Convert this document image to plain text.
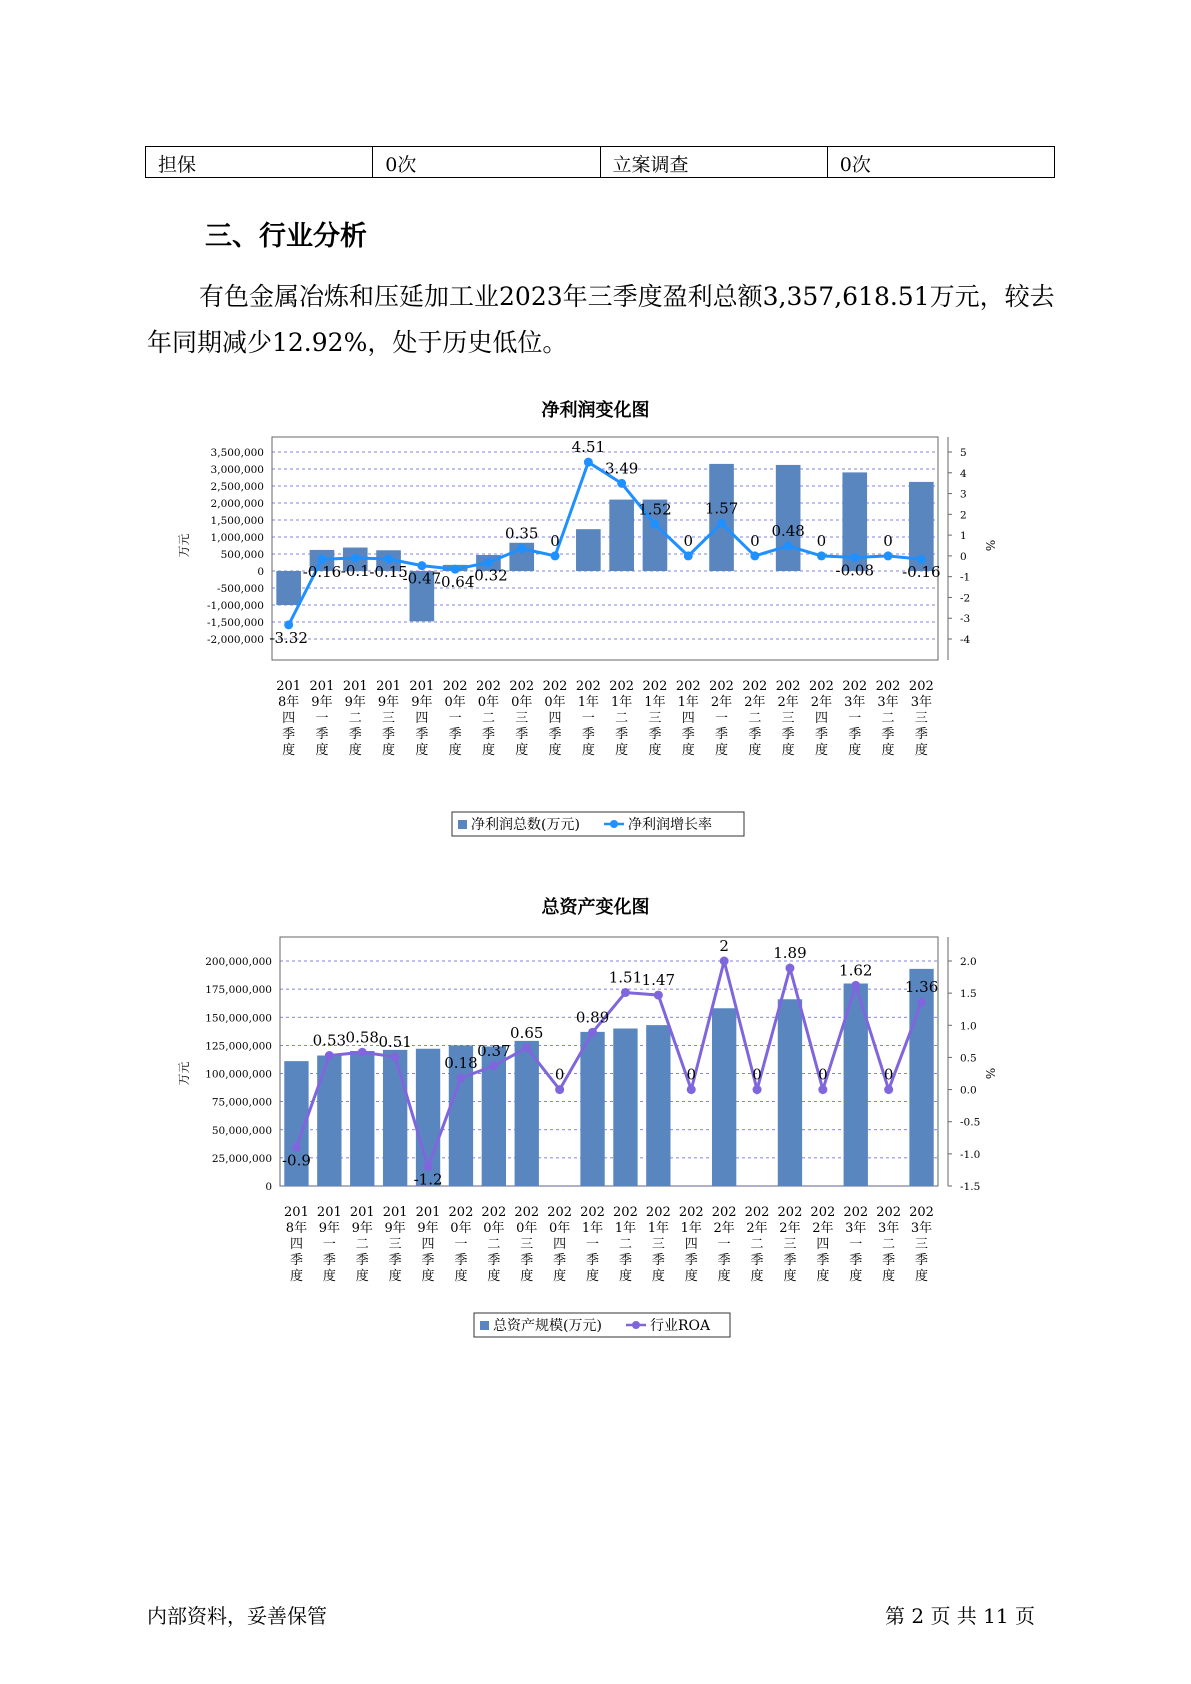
担保	0次	立案调查	0次
三、行业分析

有色金属冶炼和压延加工业2023年三季度盈利总额3,357,618.51万元，较去年同期减少12.92%，处于历史低位。

净利润变化图
3,500,000
3,000,000
2,500,000
2,000,000
1,500,000
1,000,000
500,000
0
-500,000
-1,000,000
-1,500,000
-2,000,000
5
4
3
2
1
0
-1
-2
-3
-4
万元	%
-3.32
-0.16 -0.1 -0.15
-0.47
-0.64
-0.32
0.35 0
4.51
3.49
1.52
0
1.57
0
0.48
0
-0.08
0
-0.16
201 8年四季度
201 9年一季度
201 9年二季度
201 9年三季度
201 9年四季度
202 0年一季度
202 0年二季度
202 0年三季度
202 0年四季度
202 1年一季度
202 1年二季度
202 1年三季度
202 1年四季度
202 2年一季度
202 2年二季度
202 2年三季度
202 2年四季度
202 3年一季度
202 3年二季度
202 3年三季度
净利润总数(万元)	净利润增长率
总资产变化图
200,000,000
175,000,000
150,000,000
125,000,000
100,000,000
75,000,000
50,000,000
25,000,000
0
2.0
1.5
1.0
0.5
0.0
-0.5
-1.0
-1.5
万元	%
-0.9
0.53 0.58 0.51
-1.2
0.18
0.37
0.65
0
0.89
1.51 1.47
0
2
0
1.89
0
1.62
0
1.36
201 8年四季度
201 9年一季度
201 9年二季度
201 9年三季度
201 9年四季度
202 0年一季度
202 0年二季度
202 0年三季度
202 0年四季度
202 1年一季度
202 1年二季度
202 1年三季度
202 1年四季度
202 2年一季度
202 2年二季度
202 2年三季度
202 2年四季度
202 3年一季度
202 3年二季度
202 3年三季度
总资产规模(万元)	行业ROA
内部资料，妥善保管	第 2 页 共 11 页
